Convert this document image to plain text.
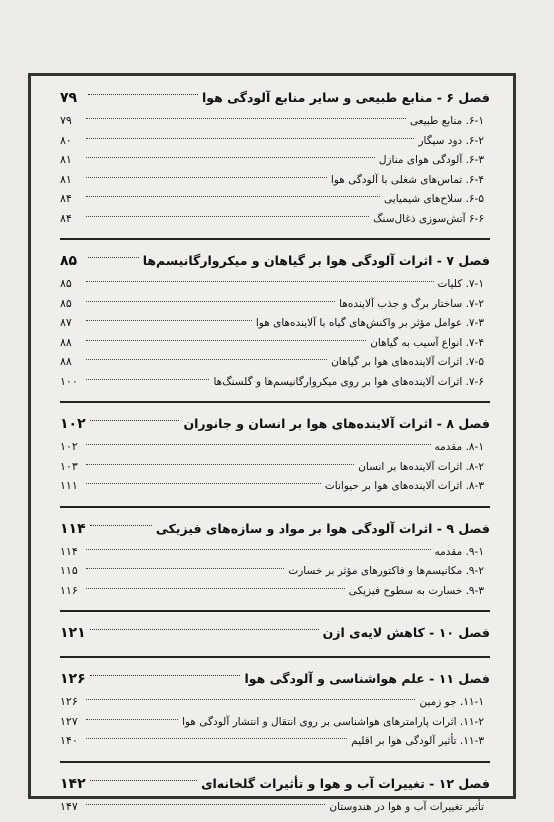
فصل ۶ - منابع طبیعی و سایر منابع آلودگی هوا
۷۹
۶-۱. منابع طبیعی
۷۹
۶-۲. دود سیگار
۸۰
۶-۳. آلودگی هوای منازل
۸۱
۶-۴. تماس‌های شغلی با آلودگی هوا
۸۱
۶-۵. سلاح‌های شیمیایی
۸۴
۶-۶ آتش‌سوزی ذغال‌سنگ
۸۴
فصل ۷ - اثرات آلودگی هوا بر گیاهان و میکروارگانیسم‌ها
۸۵
۷-۱. کلیات
۸۵
۷-۲. ساختار برگ و جذب آلاینده‌ها
۸۵
۷-۳. عوامل مؤثر بر واکنش‌های گیاه با آلاینده‌های هوا
۸۷
۷-۴. انواع آسیب به گیاهان
۸۸
۷-۵. اثرات آلاینده‌های هوا بر گیاهان
۸۸
۷-۶. اثرات آلاینده‌های هوا بر روی میکروارگانیسم‌ها و گلسنگ‌ها
۱۰۰
فصل ۸ - اثرات آلاینده‌های هوا بر انسان و جانوران
۱۰۲
۸-۱. مقدمه
۱۰۲
۸-۲. اثرات آلاینده‌ها بر انسان
۱۰۳
۸-۳. اثرات آلاینده‌های هوا بر حیوانات
۱۱۱
فصل ۹ - اثرات آلودگی هوا بر مواد و سازه‌های فیزیکی
۱۱۴
۹-۱. مقدمه
۱۱۴
۹-۲. مکانیسم‌ها و فاکتورهای مؤثر بر خسارت
۱۱۵
۹-۳. خسارت به سطوح فیزیکی
۱۱۶
فصل ۱۰ - کاهش لایه‌ی ازن
۱۲۱
فصل ۱۱ - علم هواشناسی و آلودگی هوا
۱۲۶
۱۱-۱. جو زمین
۱۲۶
۱۱-۲. اثرات پارامترهای هواشناسی بر روی انتقال و انتشار آلودگی هوا
۱۲۷
۱۱-۳. تأثیر آلودگی هوا بر اقلیم
۱۴۰
فصل ۱۲ - تغییرات آب و هوا و تأثیرات گلخانه‌ای
۱۴۲
تأثیر تغییرات آب و هوا در هندوستان
۱۴۷
